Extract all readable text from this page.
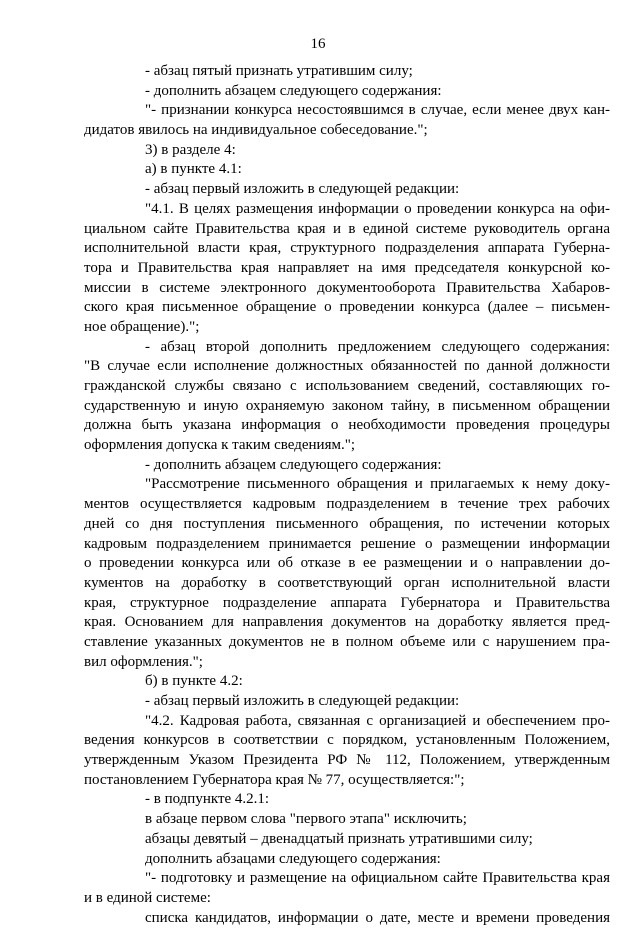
16
- абзац пятый признать утратившим силу;
- дополнить абзацем следующего содержания:
"- признании конкурса несостоявшимся в случае, если менее двух кан-
дидатов явилось на индивидуальное собеседование.";
3) в разделе 4:
а) в пункте 4.1:
- абзац первый изложить в следующей редакции:
"4.1. В целях размещения информации о проведении конкурса на офи-
циальном сайте Правительства края и в единой системе руководитель органа
исполнительной власти края, структурного подразделения аппарата Губерна-
тора и Правительства края направляет на имя председателя конкурсной ко-
миссии в системе электронного документооборота Правительства Хабаров-
ского края письменное обращение о проведении конкурса (далее – письмен-
ное обращение).";
- абзац второй дополнить предложением следующего содержания:
"В случае если исполнение должностных обязанностей по данной должности
гражданской службы связано с использованием сведений, составляющих го-
сударственную и иную охраняемую законом тайну, в письменном обращении
должна быть указана информация о необходимости проведения процедуры
оформления допуска к таким сведениям.";
- дополнить абзацем следующего содержания:
"Рассмотрение письменного обращения и прилагаемых к нему доку-
ментов осуществляется кадровым подразделением в течение трех рабочих
дней со дня поступления письменного обращения, по истечении которых
кадровым подразделением принимается решение о размещении информации
о проведении конкурса или об отказе в ее размещении и о направлении до-
кументов на доработку в соответствующий орган исполнительной власти
края, структурное подразделение аппарата Губернатора и Правительства
края. Основанием для направления документов на доработку является пред-
ставление указанных документов не в полном объеме или с нарушением пра-
вил оформления.";
б) в пункте 4.2:
- абзац первый изложить в следующей редакции:
"4.2. Кадровая работа, связанная с организацией и обеспечением про-
ведения конкурсов в соответствии с порядком, установленным Положением,
утвержденным Указом Президента РФ № 112, Положением, утвержденным
постановлением Губернатора края № 77, осуществляется:";
- в подпункте 4.2.1:
в абзаце первом слова "первого этапа" исключить;
абзацы девятый – двенадцатый признать утратившими силу;
дополнить абзацами следующего содержания:
"- подготовку и размещение на официальном сайте Правительства края
и в единой системе:
списка кандидатов, информации о дате, месте и времени проведения
